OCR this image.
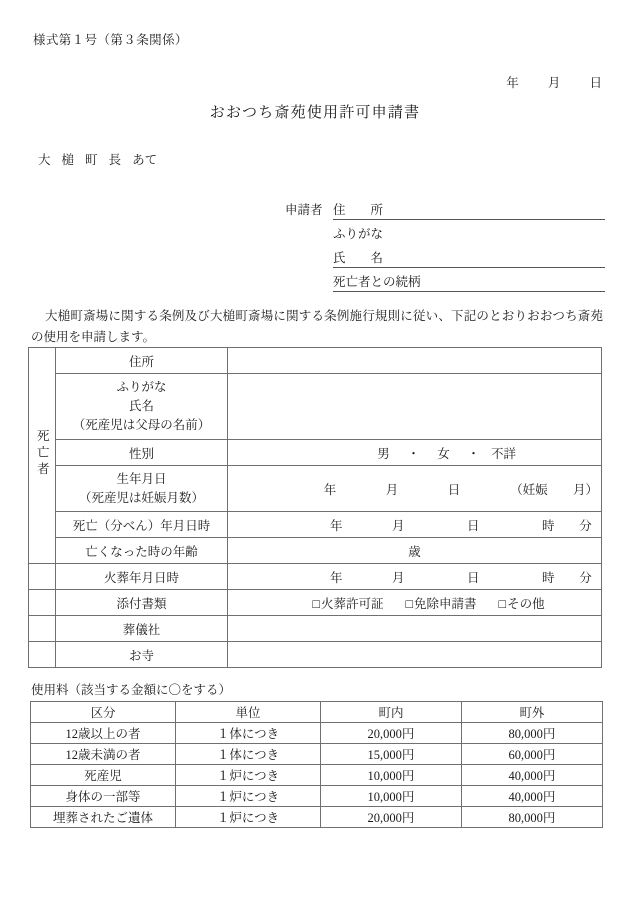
様式第１号（第３条関係）
年 月 日
おおつち斎苑使用許可申請書
大 槌 町 長 あて
申請者 住　　所
ふりがな
氏　　名
死亡者との続柄
大槌町斎場に関する条例及び大槌町斎場に関する条例施行規則に従い、下記のとおりおおつち斎苑の使用を申請します。
死亡者	住所	

	ふりがな
氏名
（死産児は父母の名前）	

	性別	男 ・ 女 ・ 不詳

	生年月日
（死産児は妊娠月数）	年 月 日 （妊娠 月）
	死亡（分べん）年月日時	年 月 日 時 分
	亡くなった時の年齢	歳
	火葬年月日時	年 月 日 時 分
	添付書類	□火葬許可証 □免除申請書 □その他
	葬儀社	
	お寺	
使用料（該当する金額に〇をする）
区分	単位	町内	町外
12歳以上の者	１体につき	20,000円	80,000円
12歳未満の者	１体につき	15,000円	60,000円
死産児	１炉につき	10,000円	40,000円
身体の一部等	１炉につき	10,000円	40,000円
埋葬されたご遺体	１炉につき	20,000円	80,000円
